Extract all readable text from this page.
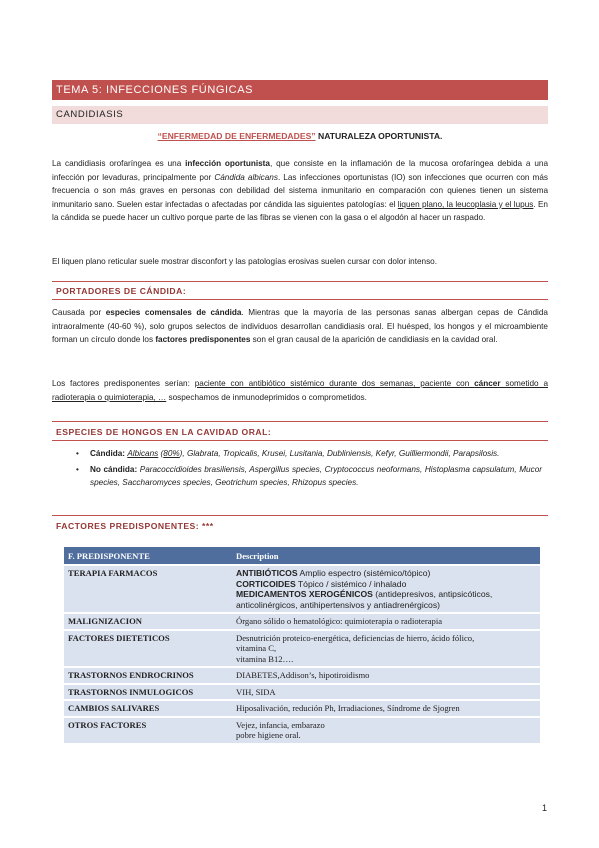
TEMA 5: INFECCIONES FÚNGICAS
CANDIDIASIS
“ENFERMEDAD DE ENFERMEDADES” NATURALEZA OPORTUNISTA.
La candidiasis orofaríngea es una infección oportunista, que consiste en la inflamación de la mucosa orofaríngea debida a una infección por levaduras, principalmente por Cándida albicans. Las infecciones oportunistas (IO) son infecciones que ocurren con más frecuencia o son más graves en personas con debilidad del sistema inmunitario en comparación con quienes tienen un sistema inmunitario sano. Suelen estar infectadas o afectadas por cándida las siguientes patologías: el liquen plano, la leucoplasia y el lupus. En la cándida se puede hacer un cultivo porque parte de las fibras se vienen con la gasa o el algodón al hacer un raspado.
El liquen plano reticular suele mostrar disconfort y las patologías erosivas suelen cursar con dolor intenso.
PORTADORES DE CÁNDIDA:
Causada por especies comensales de cándida. Mientras que la mayoría de las personas sanas albergan cepas de Cándida intraoralmente (40-60 %), solo grupos selectos de individuos desarrollan candidiasis oral. El huésped, los hongos y el microambiente forman un círculo donde los factores predisponentes son el gran causal de la aparición de candidiasis en la cavidad oral.
Los factores predisponentes serían: paciente con antibiótico sistémico durante dos semanas, paciente con cáncer sometido a radioterapia o quimioterapia, … sospechamos de inmunodeprimidos o comprometidos.
ESPECIES DE HONGOS EN LA CAVIDAD ORAL:
• Cándida: Albicans (80%), Glabrata, Tropicalis, Krusei, Lusitania, Dubliniensis, Kefyr, Guilliermondii, Parapsilosis.
• No cándida: Paracoccidioides brasiliensis, Aspergillus species, Cryptococcus neoformans, Histoplasma capsulatum, Mucor species, Saccharomyces species, Geotrichum species, Rhizopus species.
FACTORES PREDISPONENTES: ***
F. PREDISPONENTE	Description
TERAPIA FARMACOS	ANTIBIÓTICOS Amplio espectro (sistémico/tópico)
CORTICOIDES Tópico / sistémico / inhalado
MEDICAMENTOS XEROGÉNICOS (antidepresivos, antipsicóticos, anticolinérgicos, antihipertensivos y antiadrenérgicos)
MALIGNIZACION	Órgano sólido o hematológico: quimioterapia o radioterapia
FACTORES DIETETICOS	Desnutrición proteico-energética, deficiencias de hierro, ácido fólico,
vitamina C,
vitamina B12….
TRASTORNOS ENDROCRINOS	DIABETES,Addison’s, hipotiroidismo
TRASTORNOS INMULOGICOS	VIH, SIDA
CAMBIOS SALIVARES	Hiposalivación, redución Ph, Irradiaciones, Síndrome de Sjogren
OTROS FACTORES	Vejez, infancia, embarazo
pobre higiene oral.
1
